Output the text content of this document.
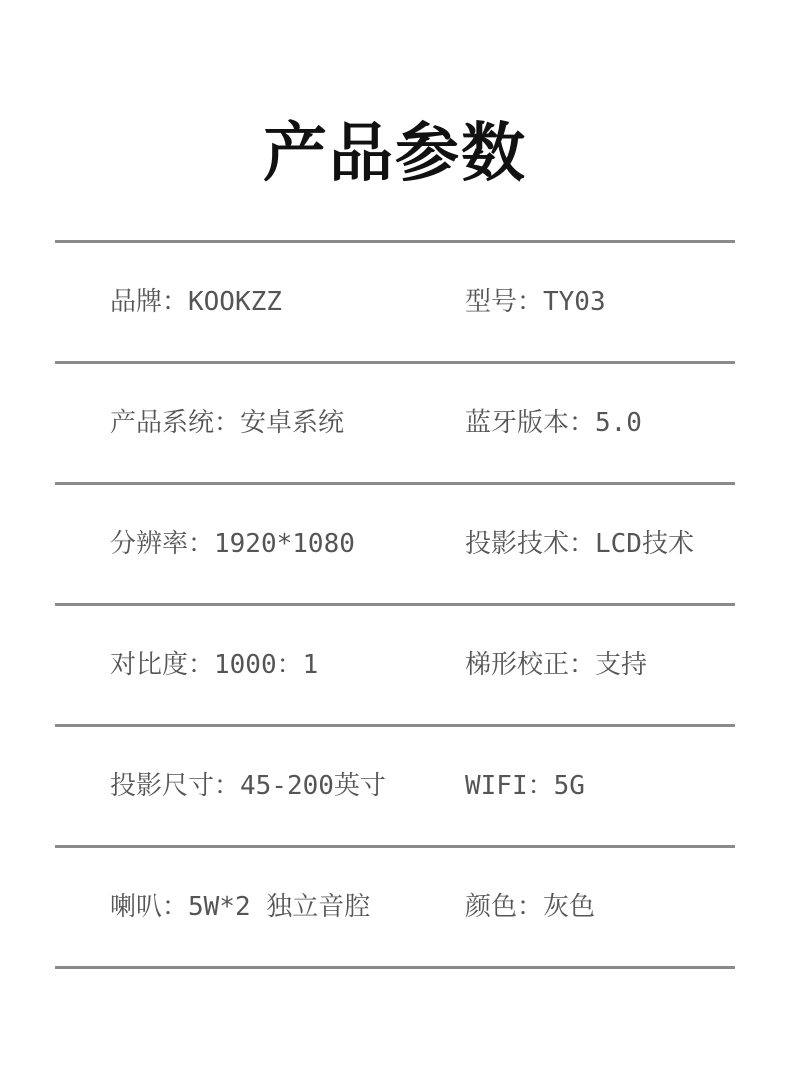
产品参数
品牌：KOOKZZ	型号：TY03
产品系统：安卓系统	蓝牙版本：5.0
分辨率：1920*1080	投影技术：LCD技术
对比度：1000：1	梯形校正：支持
投影尺寸：45-200英寸	WIFI：5G
喇叭：5W*2 独立音腔	颜色：灰色
